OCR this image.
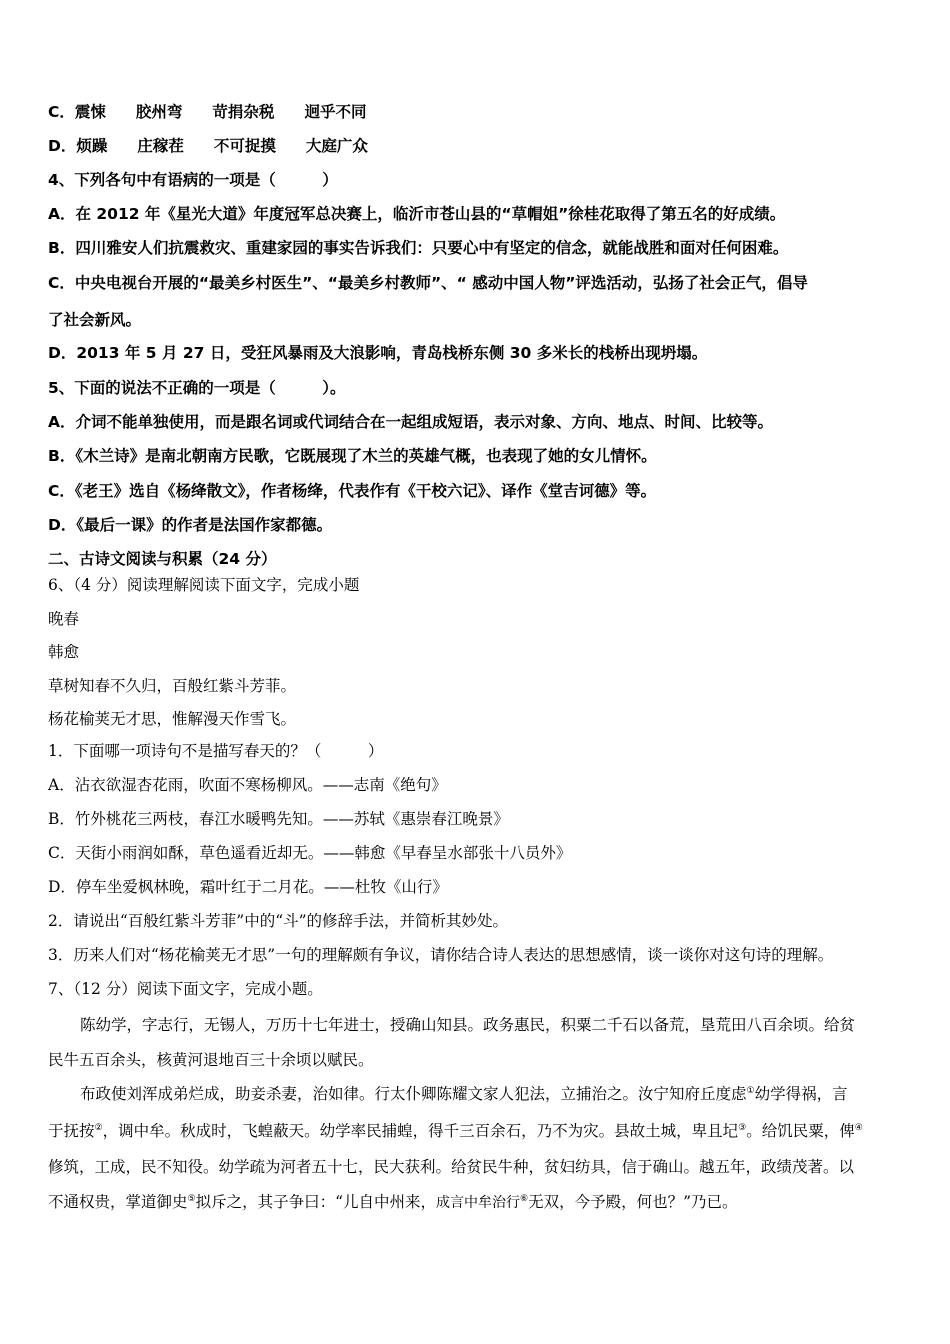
C．震悚 胶州弯 苛捐杂税 迥乎不同
D．烦躁 庄稼茬 不可捉摸 大庭广众
4、下列各句中有语病的一项是（　　　）
A．在 2012 年《星光大道》年度冠军总决赛上，临沂市苍山县的“草帽姐”徐桂花取得了第五名的好成绩。
B．四川雅安人们抗震救灾、重建家园的事实告诉我们：只要心中有坚定的信念，就能战胜和面对任何困难。
C．中央电视台开展的“最美乡村医生”、“最美乡村教师”、“ 感动中国人物”评选活动，弘扬了社会正气，倡导
了社会新风。
D．2013 年 5 月 27 日，受狂风暴雨及大浪影响，青岛栈桥东侧 30 多米长的栈桥出现坍塌。
5、下面的说法不正确的一项是（　　　）。
A．介词不能单独使用，而是跟名词或代词结合在一起组成短语，表示对象、方向、地点、时间、比较等。
B．《木兰诗》是南北朝南方民歌，它既展现了木兰的英雄气概，也表现了她的女儿情怀。
C．《老王》选自《杨绛散文》，作者杨绛，代表作有《干校六记》、译作《堂吉诃德》等。
D．《最后一课》的作者是法国作家都德。
二、古诗文阅读与积累（24 分）
6、（4 分）阅读理解阅读下面文字，完成小题
晚春
韩愈
草树知春不久归，百般红紫斗芳菲。
杨花榆荚无才思，惟解漫天作雪飞。
1．下面哪一项诗句不是描写春天的？（　　　）
A．沾衣欲湿杏花雨，吹面不寒杨柳风。——志南《绝句》
B．竹外桃花三两枝，春江水暖鸭先知。——苏轼《惠崇春江晚景》
C．天街小雨润如酥，草色遥看近却无。——韩愈《早春呈水部张十八员外》
D．停车坐爱枫林晚，霜叶红于二月花。——杜牧《山行》
2．请说出“百般红紫斗芳菲”中的“斗”的修辞手法，并简析其妙处。
3．历来人们对“杨花榆荚无才思”一句的理解颇有争议，请你结合诗人表达的思想感情，谈一谈你对这句诗的理解。
7、（12 分）阅读下面文字，完成小题。
陈幼学，字志行，无锡人，万历十七年进士，授确山知县。政务惠民，积粟二千石以备荒，垦荒田八百余顷。给贫
民牛五百余头，核黄河退地百三十余顷以赋民。
布政使刘浑成弟烂成，助妾杀妻，治如律。行太仆卿陈耀文家人犯法，立捕治之。汝宁知府丘度虑①幼学得祸，言
于抚按②，调中牟。秋成时，飞蝗蔽天。幼学率民捕蝗，得千三百余石，乃不为灾。县故土城，卑且圮③。给饥民粟，俾④
修筑，工成，民不知役。幼学疏为河者五十七，民大获利。给贫民牛种，贫妇纺具，信于确山。越五年，政绩茂著。以
不通权贵，掌道御史⑤拟斥之，其子争曰：“儿自中州来，成言中牟治行⑥无双，今予殿，何也？”乃已。
